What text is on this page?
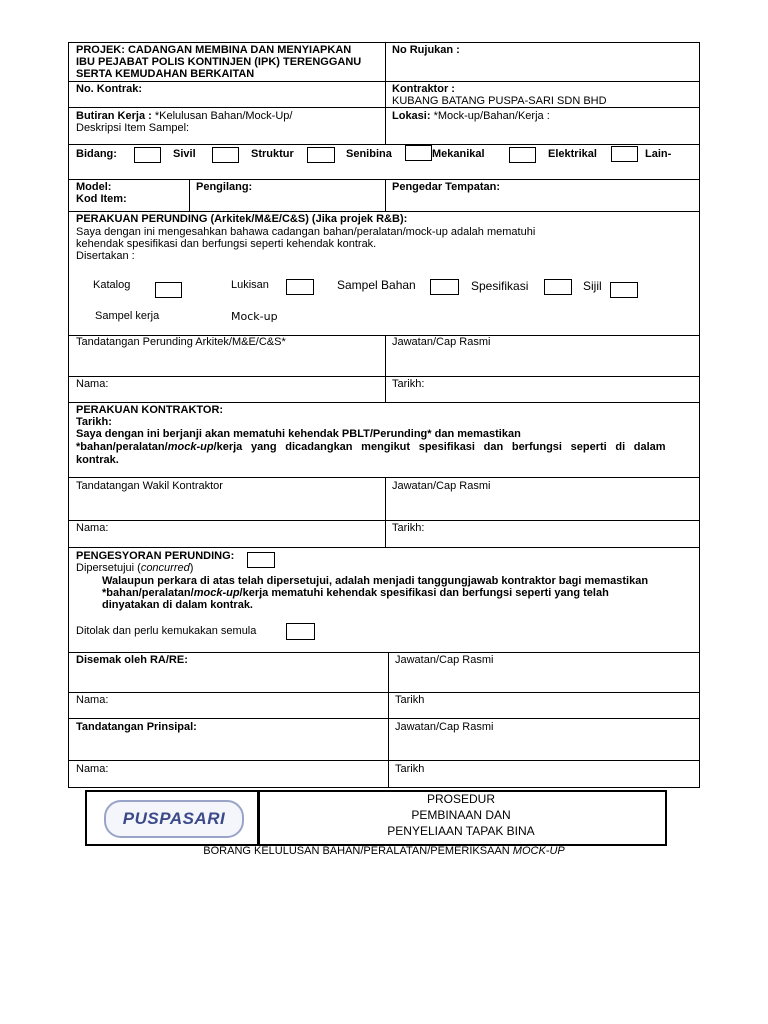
PROJEK: CADANGAN MEMBINA DAN MENYIAPKAN
IBU PEJABAT POLIS KONTINJEN (IPK) TERENGGANU
SERTA KEMUDAHAN BERKAITAN
No Rujukan :
No. Kontrak:	Kontraktor :
KUBANG BATANG PUSPA-SARI SDN BHD
Butiran Kerja : *Kelulusan Bahan/Mock-Up/
Deskripsi Item Sampel:
Lokasi: *Mock-up/Bahan/Kerja :
Bidang:	Sivil	Struktur	Senibina	Mekanikal	Elektrikal	Lain-
Model:
Kod Item:
Pengilang:	Pengedar Tempatan:
PERAKUAN PERUNDING (Arkitek/M&E/C&S) (Jika projek R&B):
Saya dengan ini mengesahkan bahawa cadangan bahan/peralatan/mock-up adalah mematuhi
kehendak spesifikasi dan berfungsi seperti kehendak kontrak.
Disertakan :
Katalog	Lukisan	Sampel Bahan	Spesifikasi	Sijil
Sampel kerja	Mock-up
Tandatangan Perunding Arkitek/M&E/C&S*	Jawatan/Cap Rasmi
Nama:	Tarikh:
PERAKUAN KONTRAKTOR:
Tarikh:
Saya dengan ini berjanji akan mematuhi kehendak PBLT/Perunding* dan memastikan
*bahan/peralatan/mock-up/kerja yang dicadangkan mengikut spesifikasi dan berfungsi seperti di dalam
kontrak.
Tandatangan Wakil Kontraktor	Jawatan/Cap Rasmi
Nama:	Tarikh:
PENGESYORAN PERUNDING:
Dipersetujui (concurred)
Walaupun perkara di atas telah dipersetujui, adalah menjadi tanggungjawab kontraktor bagi memastikan
*bahan/peralatan/mock-up/kerja mematuhi kehendak spesifikasi dan berfungsi seperti yang telah
dinyatakan di dalam kontrak.
Ditolak dan perlu kemukakan semula
Disemak oleh RA/RE:	Jawatan/Cap Rasmi
Nama:	Tarikh
Tandatangan Prinsipal:	Jawatan/Cap Rasmi
Nama:	Tarikh
PUSPASARI
PROSEDUR
PEMBINAAN DAN
PENYELIAAN TAPAK BINA
BORANG KELULUSAN BAHAN/PERALATAN/PEMERIKSAAN MOCK-UP
